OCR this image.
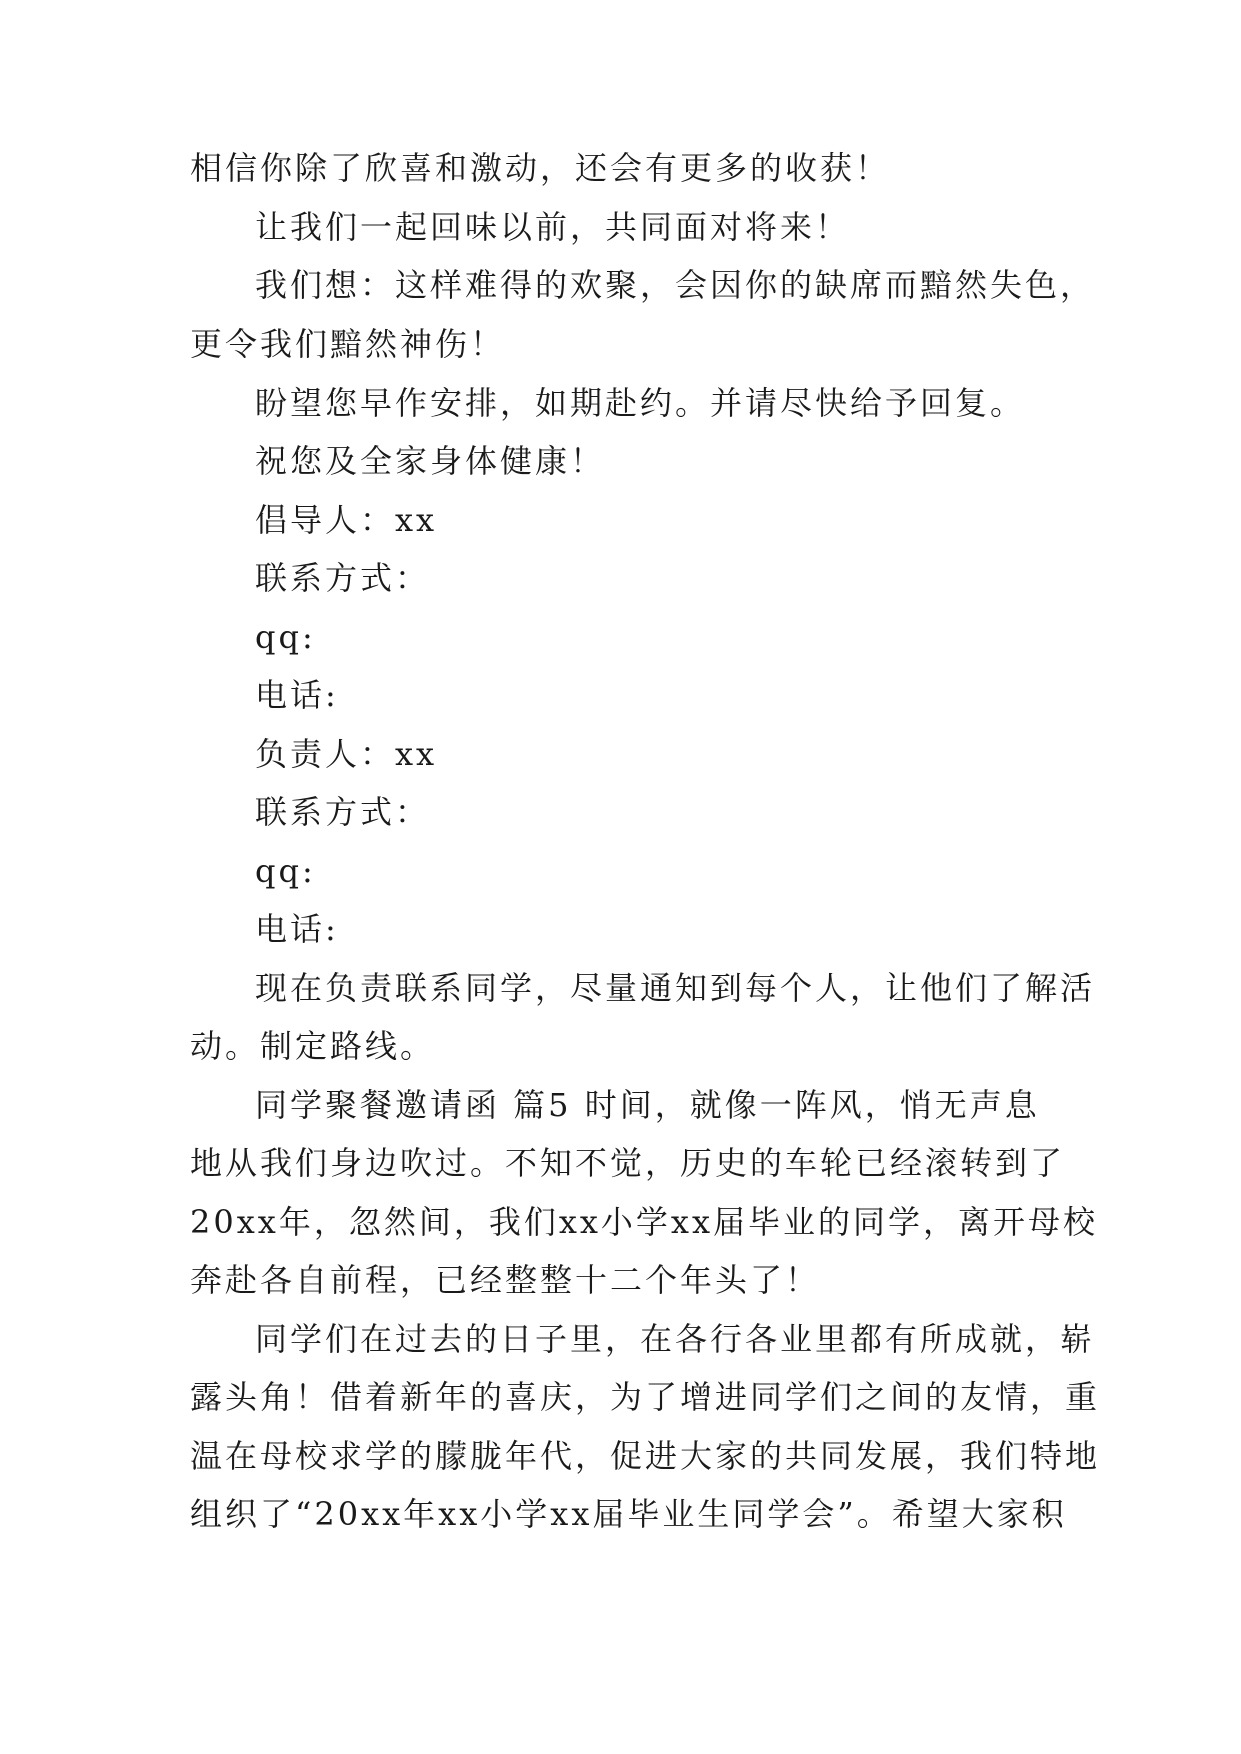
相信你除了欣喜和激动，还会有更多的收获！
让我们一起回味以前，共同面对将来！
我们想：这样难得的欢聚，会因你的缺席而黯然失色，
更令我们黯然神伤！
盼望您早作安排，如期赴约。并请尽快给予回复。
祝您及全家身体健康！
倡导人：xx
联系方式：
qq:
电话:
负责人：xx
联系方式：
qq:
电话:
现在负责联系同学，尽量通知到每个人，让他们了解活
动。制定路线。
同学聚餐邀请函 篇5 时间，就像一阵风，悄无声息
地从我们身边吹过。不知不觉，历史的车轮已经滚转到了
20xx年，忽然间，我们xx小学xx届毕业的同学，离开母校
奔赴各自前程，已经整整十二个年头了！
同学们在过去的日子里，在各行各业里都有所成就，崭
露头角！借着新年的喜庆，为了增进同学们之间的友情，重
温在母校求学的朦胧年代，促进大家的共同发展，我们特地
组织了“20xx年xx小学xx届毕业生同学会”。希望大家积
